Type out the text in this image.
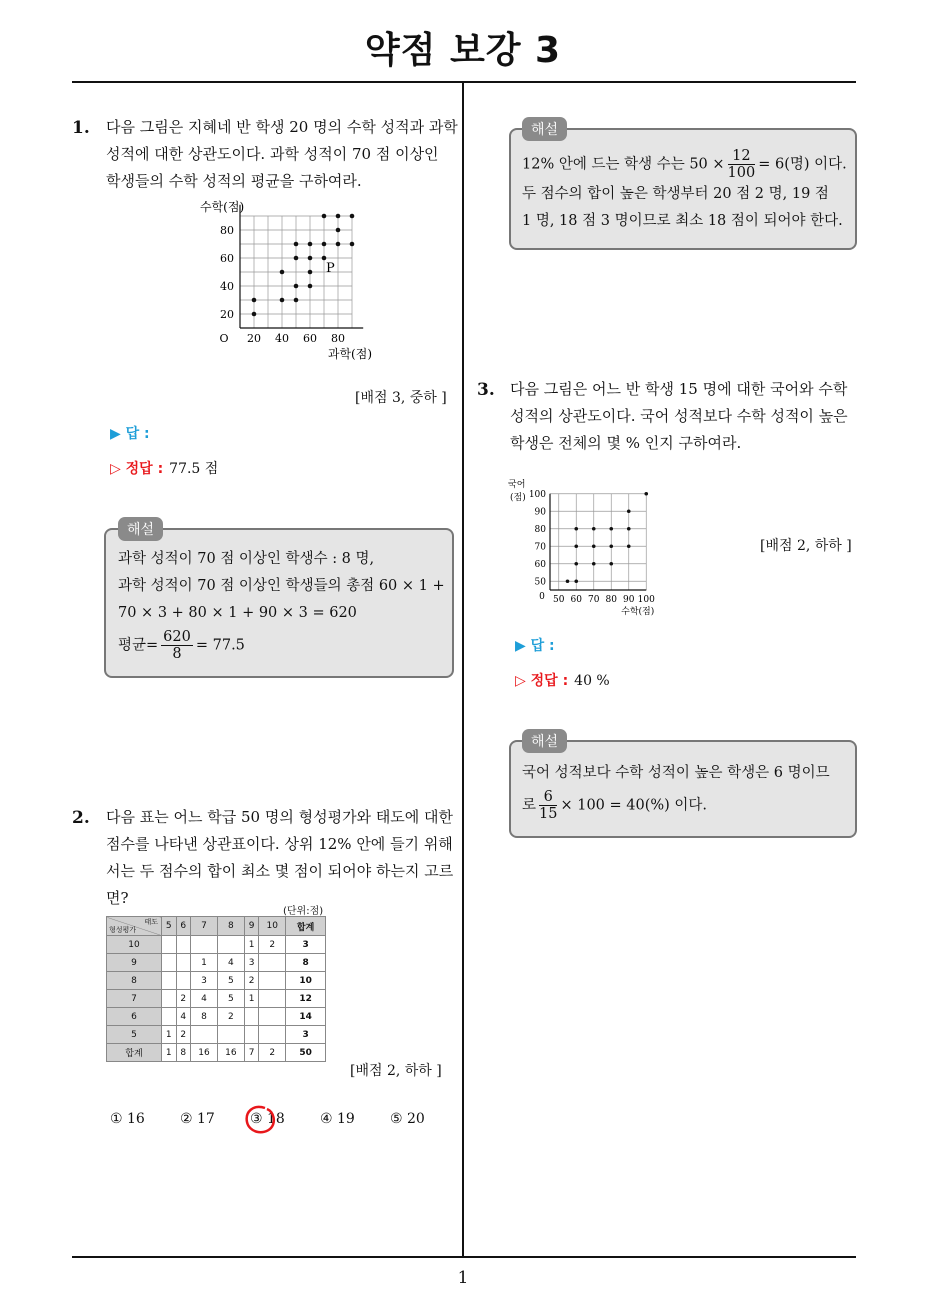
약점 보강 3
1
1. 다음 그림은 지혜네 반 학생 20 명의 수학 성적과 과학
성적에 대한 상관도이다. 과학 성적이 70 점 이상인
학생들의 수학 성적의 평균을 구하여라.
20 40 60 80
20
40
60
80
O
수학(점)
과학(점)
P
[배점 3, 중하 ]
▶ 답 :
▷ 정답 : 77.5 점
해설
과학 성적이 70 점 이상인 학생수 : 8 명,
과학 성적이 70 점 이상인 학생들의 총점 60 × 1 +
70 × 3 + 80 × 1 + 90 × 3 = 620
평균= $\frac{620}{8} = 77.5$
2. 다음 표는 어느 학급 50 명의 형성평가와 태도에 대한
점수를 나타낸 상관표이다. 상위 12% 안에 들기 위해
서는 두 점수의 합이 최소 몇 점이 되어야 하는지 고르
면?
(단위:점)
태도
형성평가	5	6	7	8	9	10	합계
10					1	2	3
9			1	4	3		8
8			3	5	2		10
7		2	4	5	1		12
6		4	8	2			14
5	1	2					3
합계	1	8	16	16	7	2	50
[배점 2, 하하 ]
① 16	② 17	③ 18	④ 19	⑤ 20
해설
12% 안에 드는 학생 수는 $50 \times \frac{12}{100} = 6$(명) 이다.
두 점수의 합이 높은 학생부터 20 점 2 명, 19 점
1 명, 18 점 3 명이므로 최소 18 점이 되어야 한다.
3. 다음 그림은 어느 반 학생 15 명에 대한 국어와 수학
성적의 상관도이다. 국어 성적보다 수학 성적이 높은
학생은 전체의 몇 % 인지 구하여라.
50 60 70 80 90 100
50
60
70
80
90
100
0
국어
(점)
수학(점)
[배점 2, 하하 ]
▶ 답 :
▷ 정답 : 40 %
해설
국어 성적보다 수학 성적이 높은 학생은 6 명이므
로 $\frac{6}{15} \times 100 = 40(\%)$ 이다.
